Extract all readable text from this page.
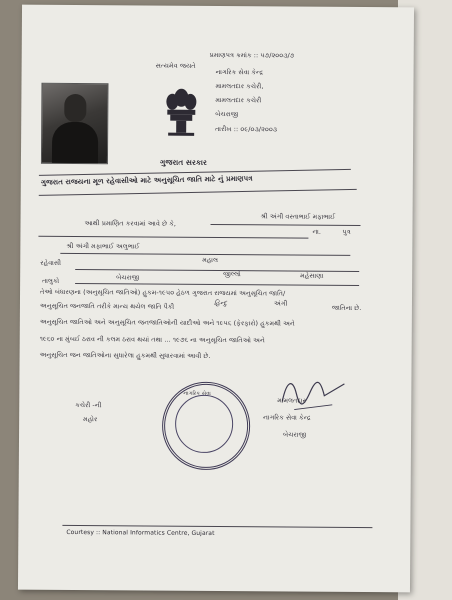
સત્યમેવ જયતે
પ્રમાણપત્ર ક્રમાંક :: ૫૭/૨૦૦૩/૭
નાગરિક સેવા કેન્દ્ર
મામલતદાર કચેરી,
મામલતદાર કચેરી
બેચરાજી
તારીખ :: ૦૯/૦૩/૨૦૦૩
ગુજરાત સરકાર
ગુજરાત રાજયના મૂળ રહેવાસીઓ માટે અનુસૂચિત જાતિ માટે નું પ્રમાણપત્ર
આથી પ્રમાણિત કરવામાં આવે છે કે,
શ્રી અંગી વસ્તાભાઈ મફાભાઈ
ના.	પુત્ર
શ્રી અંગી મફાભાઈ અલુભાઈ
રહેવાસી	મહાલ
તાલુકો	બેચરાજી	જીલ્લો	મહેસાણા
તેઓ બંધારણના (અનુસૂચિત જાતિઓ) હુકમ-૧૯૫૦ હેઠળ ગુજરાત રાજયમાં અનુસૂચિત જાતિ/
અનુસૂચિત જનજાતિ તરીકે માન્ય થયેલ જાતિ પૈકી	હિન્દુ	અંગી
જાતિના છે.
અનુસૂચિત જાતિઓ અને અનુસૂચિત જનજાતિઓની યાદીઓ અને ૧૯૫૬ (ફેરફારો) હુકમથી અને
૧૯૬૦ ના મુંબઈ ઠરાવ ની કલમ ઠરાવ થયાં તથા ... ૧૯૭૬ ના અનુસૂચિત જાતિઓ અને
અનુસૂચિત જન જાતિઓના સુધારેલા હુકમથી સુધારવામાં આવી છે.
કચેરી -ની
મહોર
નાગરિક સેવા
મામલતદાર
નાગરિક સેવા કેન્દ્ર
બેચરાજી
Courtesy :: National Informatics Centre, Gujarat
